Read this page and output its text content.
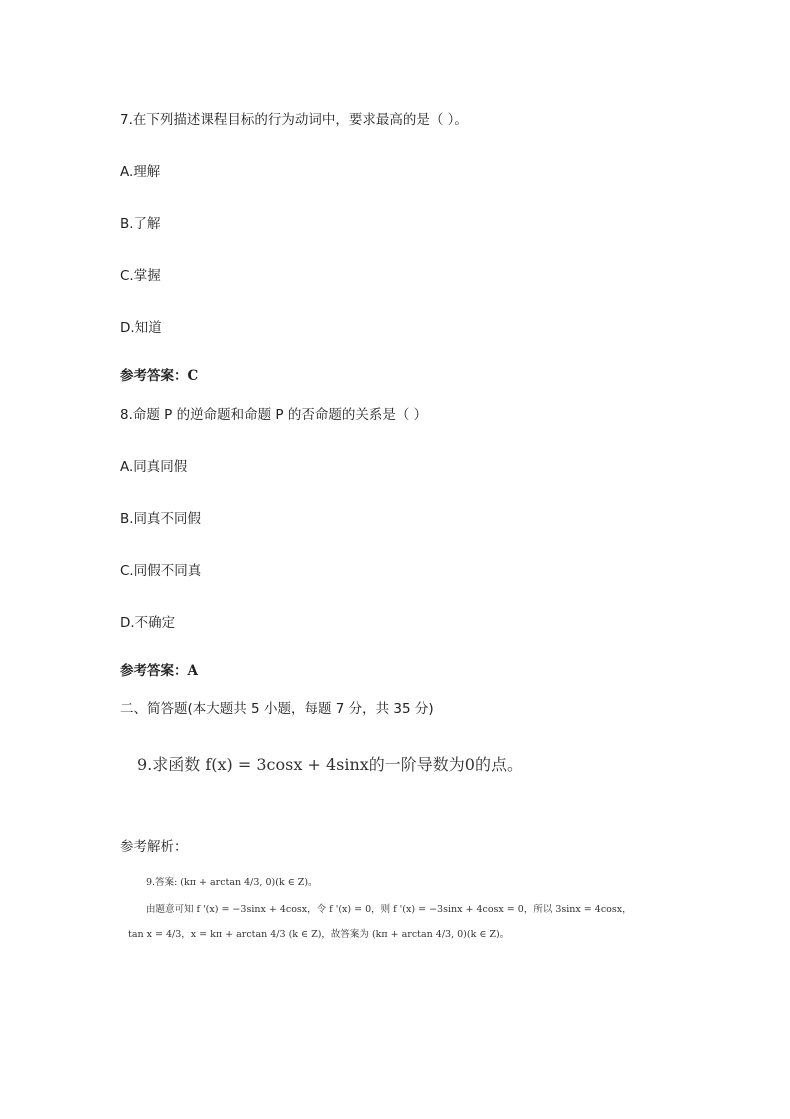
7.在下列描述课程目标的行为动词中，要求最高的是（ ）。
A.理解
B.了解
C.掌握
D.知道
参考答案：C
8.命题 P 的逆命题和命题 P 的否命题的关系是（ ）
A.同真同假
B.同真不同假
C.同假不同真
D.不确定
参考答案：A
二、简答题(本大题共 5 小题，每题 7 分，共 35 分)
9.求函数 f(x) = 3cosx + 4sinx的一阶导数为0的点。
参考解析：
9.答案: (kπ + arctan 4/3, 0)(k ∈ Z)。
由题意可知 f '(x) = −3sinx + 4cosx，令 f '(x) = 0，则 f '(x) = −3sinx + 4cosx = 0，所以 3sinx = 4cosx，
tan x = 4/3，x = kπ + arctan 4/3 (k ∈ Z)，故答案为 (kπ + arctan 4/3, 0)(k ∈ Z)。
